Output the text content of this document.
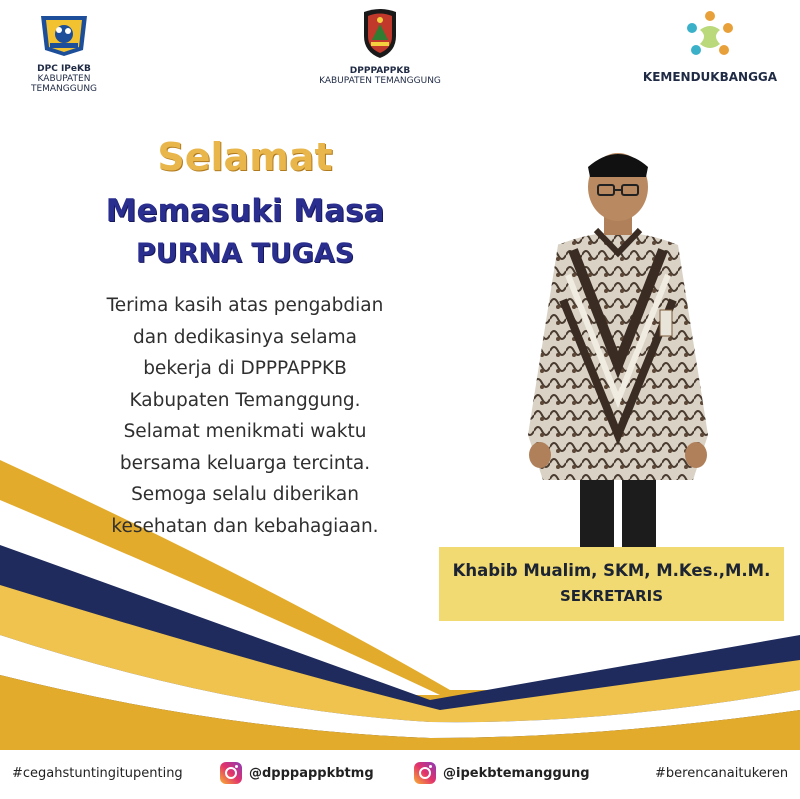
DPC IPeKB
KABUPATEN TEMANGGUNG
DPPPAPPKB
KABUPATEN TEMANGGUNG	KEMENDUKBANGGA
Selamat
Memasuki Masa
PURNA TUGAS
Terima kasih atas pengabdian
dan dedikasinya selama
bekerja di DPPPAPPKB
Kabupaten Temanggung.
Selamat menikmati waktu
bersama keluarga tercinta.
Semoga selalu diberikan
kesehatan dan kebahagiaan.
Khabib Mualim, SKM, M.Kes.,M.M.
SEKRETARIS
#cegahstuntingitupenting	@dpppappkbtmg	@ipekbtemanggung	#berencanaitukeren
